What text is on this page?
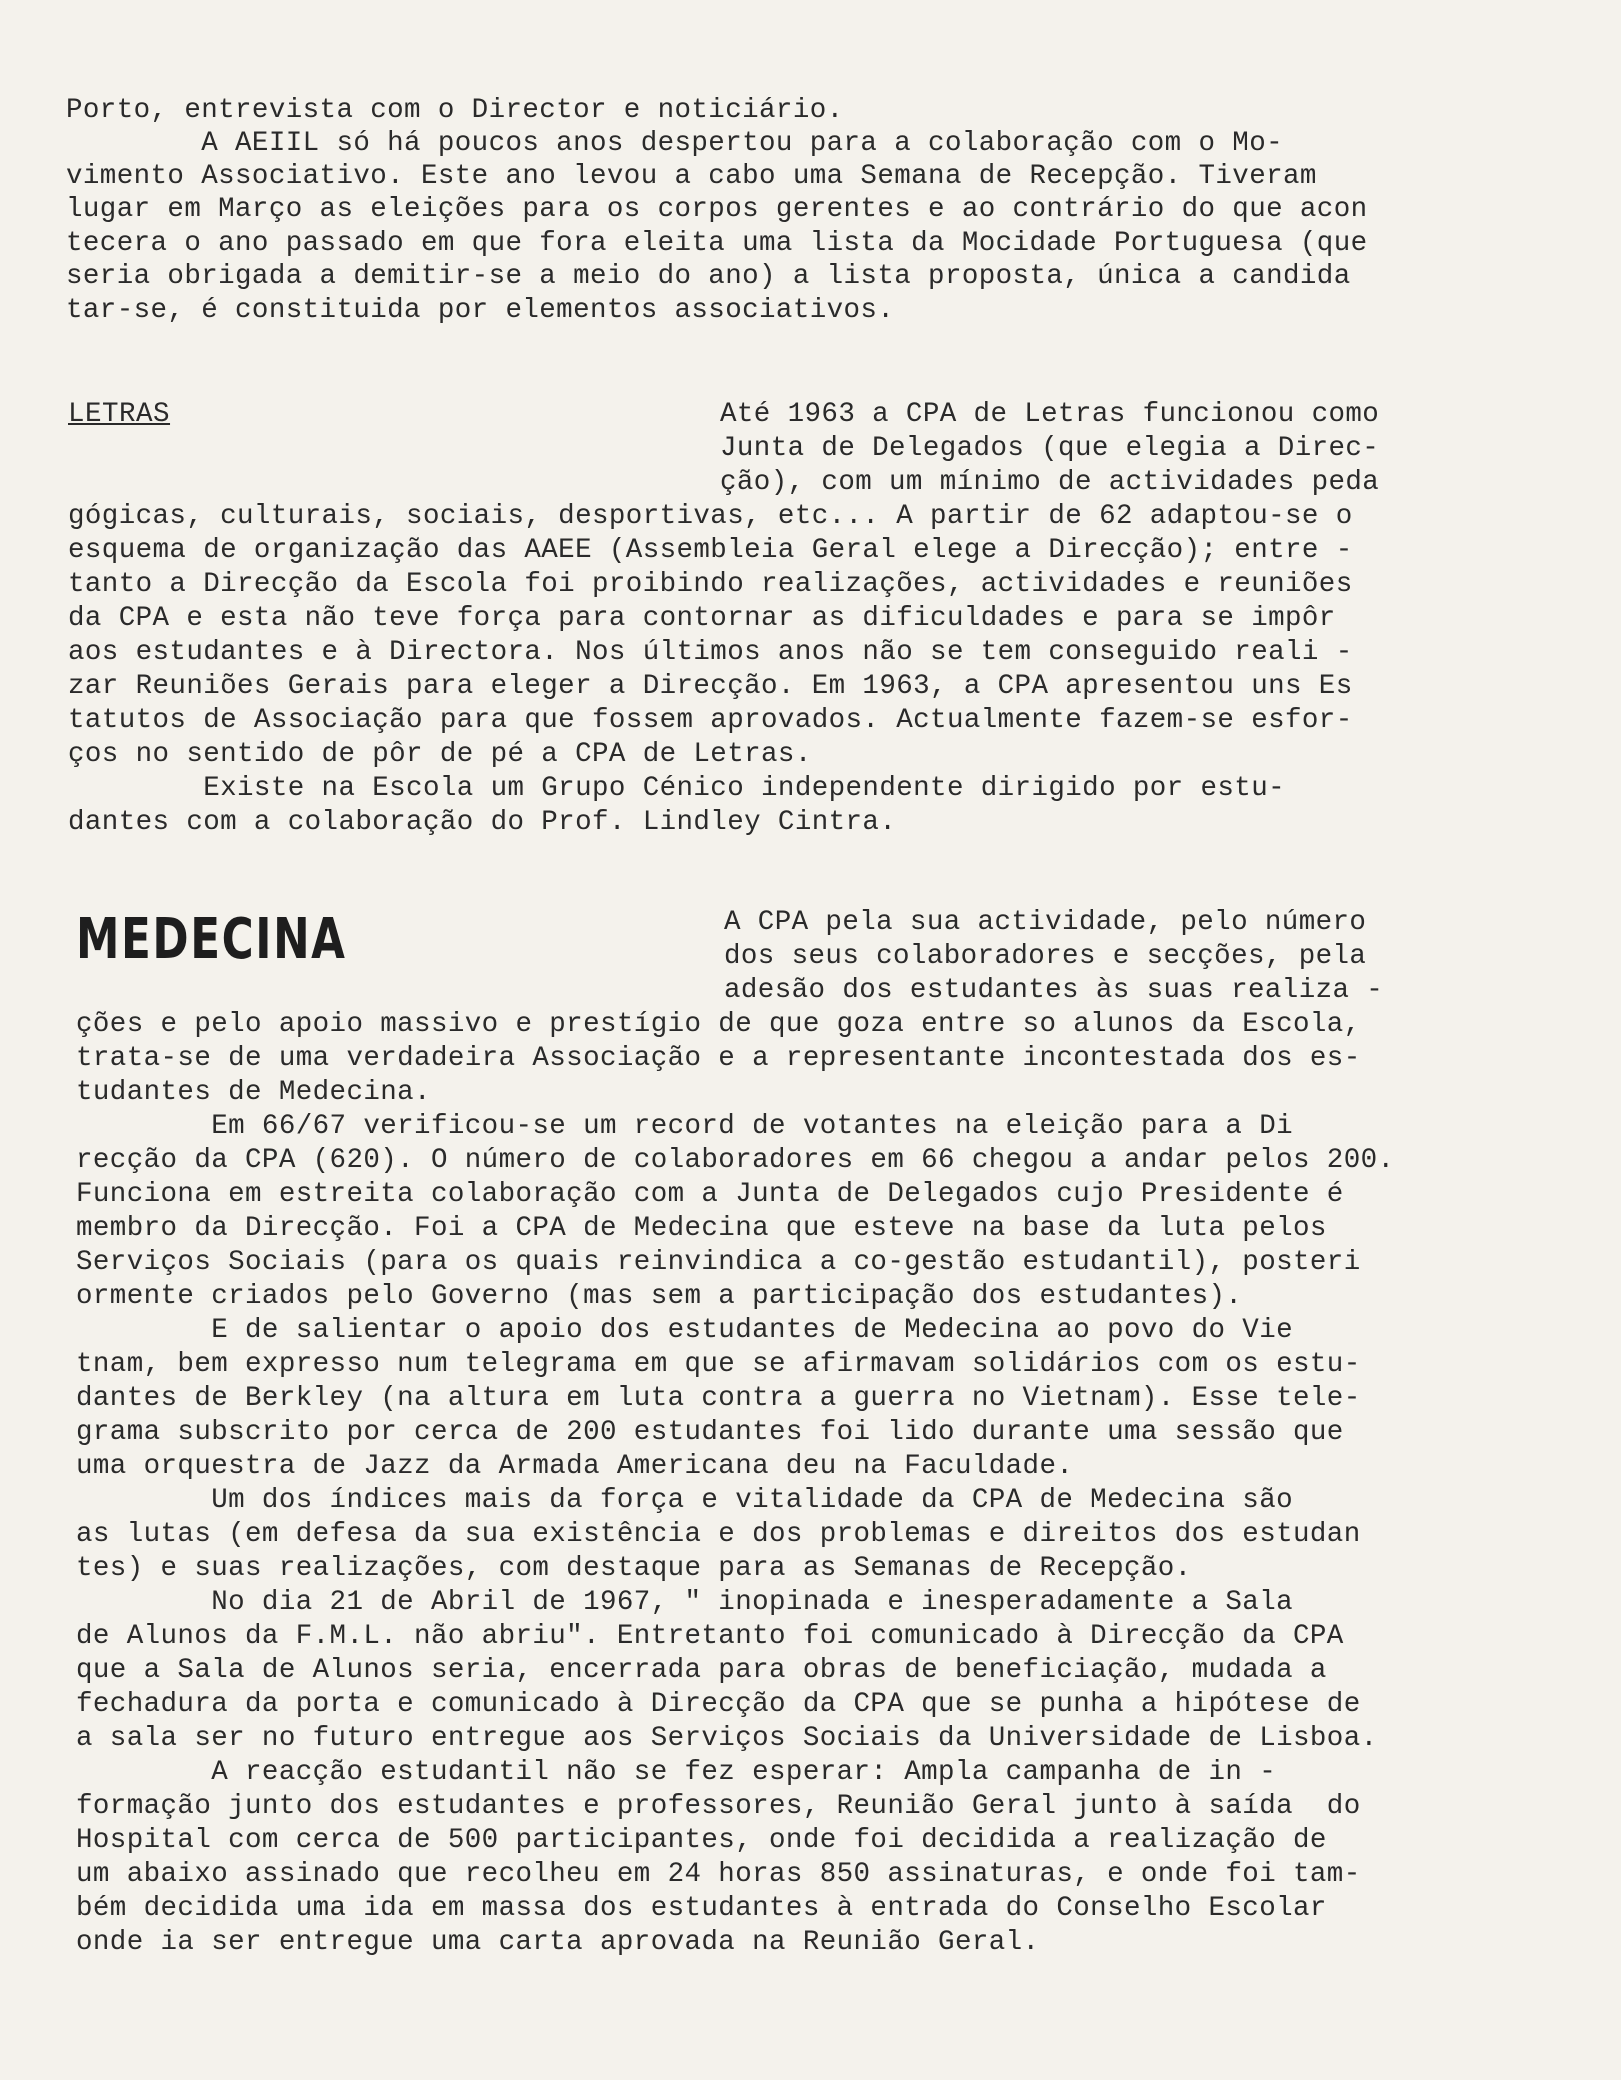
Porto, entrevista com o Director e noticiário.
A AEIIL só há poucos anos despertou para a colaboração com o Mo-
vimento Associativo. Este ano levou a cabo uma Semana de Recepção. Tiveram
lugar em Março as eleições para os corpos gerentes e ao contrário do que acon
tecera o ano passado em que fora eleita uma lista da Mocidade Portuguesa (que
seria obrigada a demitir-se a meio do ano) a lista proposta, única a candida
tar-se, é constituida por elementos associativos.
LETRAS	Até 1963 a CPA de Letras funcionou como
Junta de Delegados (que elegia a Direc-
ção), com um mínimo de actividades peda
gógicas, culturais, sociais, desportivas, etc... A partir de 62 adaptou-se o
esquema de organização das AAEE (Assembleia Geral elege a Direcção); entre -
tanto a Direcção da Escola foi proibindo realizações, actividades e reuniões
da CPA e esta não teve força para contornar as dificuldades e para se impôr
aos estudantes e à Directora. Nos últimos anos não se tem conseguido reali -
zar Reuniões Gerais para eleger a Direcção. Em 1963, a CPA apresentou uns Es
tatutos de Associação para que fossem aprovados. Actualmente fazem-se esfor-
ços no sentido de pôr de pé a CPA de Letras.
Existe na Escola um Grupo Cénico independente dirigido por estu-
dantes com a colaboração do Prof. Lindley Cintra.
MEDECINA	A CPA pela sua actividade, pelo número
dos seus colaboradores e secções, pela
adesão dos estudantes às suas realiza -
ções e pelo apoio massivo e prestígio de que goza entre so alunos da Escola,
trata-se de uma verdadeira Associação e a representante incontestada dos es-
tudantes de Medecina.
Em 66/67 verificou-se um record de votantes na eleição para a Di
recção da CPA (620). O número de colaboradores em 66 chegou a andar pelos 200.
Funciona em estreita colaboração com a Junta de Delegados cujo Presidente é
membro da Direcção. Foi a CPA de Medecina que esteve na base da luta pelos
Serviços Sociais (para os quais reinvindica a co-gestão estudantil), posteri
ormente criados pelo Governo (mas sem a participação dos estudantes).
E de salientar o apoio dos estudantes de Medecina ao povo do Vie
tnam, bem expresso num telegrama em que se afirmavam solidários com os estu-
dantes de Berkley (na altura em luta contra a guerra no Vietnam). Esse tele-
grama subscrito por cerca de 200 estudantes foi lido durante uma sessão que
uma orquestra de Jazz da Armada Americana deu na Faculdade.
Um dos índices mais da força e vitalidade da CPA de Medecina são
as lutas (em defesa da sua existência e dos problemas e direitos dos estudan
tes) e suas realizações, com destaque para as Semanas de Recepção.
No dia 21 de Abril de 1967, " inopinada e inesperadamente a Sala
de Alunos da F.M.L. não abriu". Entretanto foi comunicado à Direcção da CPA
que a Sala de Alunos seria, encerrada para obras de beneficiação, mudada a
fechadura da porta e comunicado à Direcção da CPA que se punha a hipótese de
a sala ser no futuro entregue aos Serviços Sociais da Universidade de Lisboa.
A reacção estudantil não se fez esperar: Ampla campanha de in -
formação junto dos estudantes e professores, Reunião Geral junto à saída  do
Hospital com cerca de 500 participantes, onde foi decidida a realização de
um abaixo assinado que recolheu em 24 horas 850 assinaturas, e onde foi tam-
bém decidida uma ida em massa dos estudantes à entrada do Conselho Escolar
onde ia ser entregue uma carta aprovada na Reunião Geral.
